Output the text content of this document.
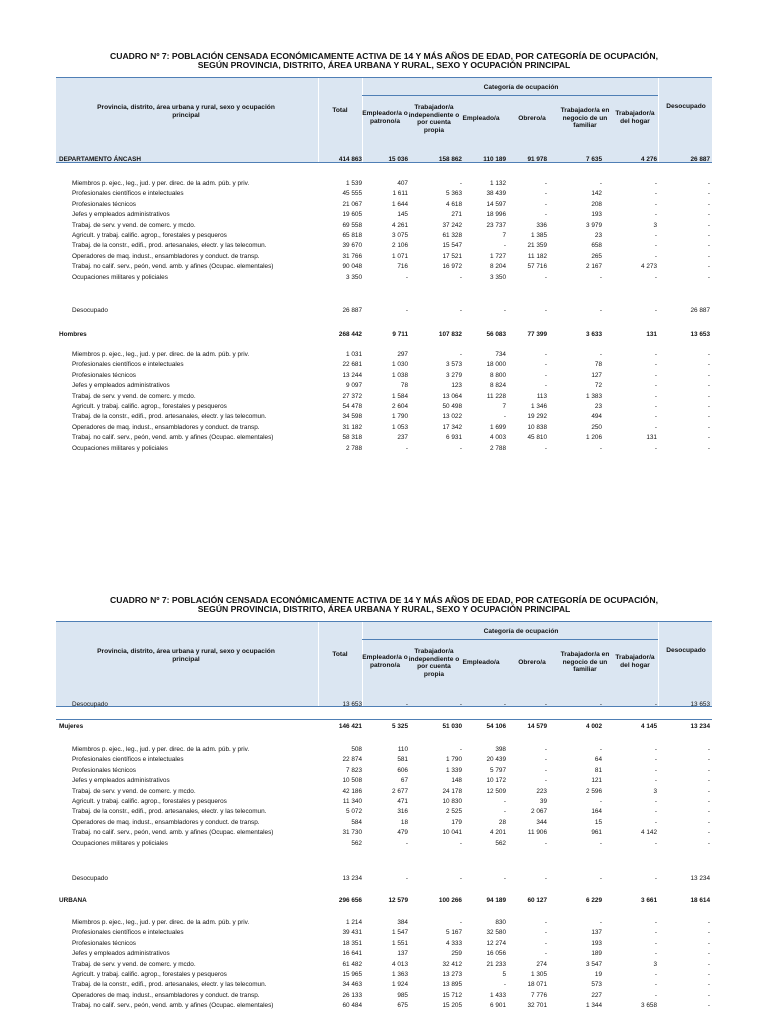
CUADRO Nº 7: POBLACIÓN CENSADA ECONÓMICAMENTE ACTIVA DE 14 Y MÁS AÑOS DE EDAD, POR CATEGORÍA DE OCUPACIÓN,
SEGÚN PROVINCIA, DISTRITO, ÁREA URBANA Y RURAL, SEXO Y OCUPACIÓN PRINCIPAL
Provincia, distrito, área urbana y rural, sexo y ocupación principal
Total
Categoría de ocupación
Empleador/a o patrono/a
Trabajador/a independiente o por cuenta propia
Empleado/a	Obrero/a
Trabajador/a en negocio de un familiar
Trabajador/a del hogar
Desocupado
DEPARTAMENTO ÁNCASH	414 863	15 036	158 862	110 189	91 978	7 635	4 276	26 887
Miembros p. ejec., leg., jud. y per. direc. de la adm. púb. y priv.	1 539	407	-	1 132	-	-	-	-
Profesionales científicos e intelectuales	45 555	1 611	5 363	38 439	-	142	-	-
Profesionales técnicos	21 067	1 644	4 618	14 597	-	208	-	-
Jefes y empleados administrativos	19 605	145	271	18 996	-	193	-	-
Trabaj. de serv. y vend. de comerc. y mcdo.	69 558	4 261	37 242	23 737	336	3 979	3	-
Agricult. y trabaj. calific. agrop., forestales y pesqueros	65 818	3 075	61 328	7	1 385	23	-	-
Trabaj. de la constr., edifi., prod. artesanales, electr. y las telecomun.	39 670	2 106	15 547	-	21 359	658	-	-
Operadores de maq. indust., ensambladores y conduct. de transp.	31 766	1 071	17 521	1 727	11 182	265	-	-
Trabaj. no calif. serv., peón, vend. amb. y afines (Ocupac. elementales)	90 048	716	16 972	8 204	57 716	2 167	4 273	-
Ocupaciones militares y policiales	3 350	-	-	3 350	-	-	-	-
Desocupado	26 887	-	-	-	-	-	-	26 887
Hombres	268 442	9 711	107 832	56 083	77 399	3 633	131	13 653
Miembros p. ejec., leg., jud. y per. direc. de la adm. púb. y priv.	1 031	297	-	734	-	-	-	-
Profesionales científicos e intelectuales	22 681	1 030	3 573	18 000	-	78	-	-
Profesionales técnicos	13 244	1 038	3 279	8 800	-	127	-	-
Jefes y empleados administrativos	9 097	78	123	8 824	-	72	-	-
Trabaj. de serv. y vend. de comerc. y mcdo.	27 372	1 584	13 064	11 228	113	1 383	-	-
Agricult. y trabaj. calific. agrop., forestales y pesqueros	54 478	2 604	50 498	7	1 346	23	-	-
Trabaj. de la constr., edifi., prod. artesanales, electr. y las telecomun.	34 598	1 790	13 022	-	19 292	494	-	-
Operadores de maq. indust., ensambladores y conduct. de transp.	31 182	1 053	17 342	1 699	10 838	250	-	-
Trabaj. no calif. serv., peón, vend. amb. y afines (Ocupac. elementales)	58 318	237	6 931	4 003	45 810	1 206	131	-
Ocupaciones militares y policiales	2 788	-	-	2 788	-	-	-	-
CUADRO Nº 7: POBLACIÓN CENSADA ECONÓMICAMENTE ACTIVA DE 14 Y MÁS AÑOS DE EDAD, POR CATEGORÍA DE OCUPACIÓN,
SEGÚN PROVINCIA, DISTRITO, ÁREA URBANA Y RURAL, SEXO Y OCUPACIÓN PRINCIPAL
Provincia, distrito, área urbana y rural, sexo y ocupación principal
Total
Categoría de ocupación
Empleador/a o patrono/a
Trabajador/a independiente o por cuenta propia
Empleado/a	Obrero/a
Trabajador/a en negocio de un familiar
Trabajador/a del hogar
Desocupado
Desocupado	13 653	-	-	-	-	-	-	13 653
Mujeres	146 421	5 325	51 030	54 106	14 579	4 002	4 145	13 234
Miembros p. ejec., leg., jud. y per. direc. de la adm. púb. y priv.	508	110	-	398	-	-	-	-
Profesionales científicos e intelectuales	22 874	581	1 790	20 439	-	64	-	-
Profesionales técnicos	7 823	606	1 339	5 797	-	81	-	-
Jefes y empleados administrativos	10 508	67	148	10 172	-	121	-	-
Trabaj. de serv. y vend. de comerc. y mcdo.	42 186	2 677	24 178	12 509	223	2 596	3	-
Agricult. y trabaj. calific. agrop., forestales y pesqueros	11 340	471	10 830	-	39	-	-	-
Trabaj. de la constr., edifi., prod. artesanales, electr. y las telecomun.	5 072	316	2 525	-	2 067	164	-	-
Operadores de maq. indust., ensambladores y conduct. de transp.	584	18	179	28	344	15	-	-
Trabaj. no calif. serv., peón, vend. amb. y afines (Ocupac. elementales)	31 730	479	10 041	4 201	11 906	961	4 142	-
Ocupaciones militares y policiales	562	-	-	562	-	-	-	-
Desocupado	13 234	-	-	-	-	-	-	13 234
URBANA	296 656	12 579	100 266	94 189	60 127	6 229	3 661	18 614
Miembros p. ejec., leg., jud. y per. direc. de la adm. púb. y priv.	1 214	384	-	830	-	-	-	-
Profesionales científicos e intelectuales	39 431	1 547	5 167	32 580	-	137	-	-
Profesionales técnicos	18 351	1 551	4 333	12 274	-	193	-	-
Jefes y empleados administrativos	16 641	137	259	16 056	-	189	-	-
Trabaj. de serv. y vend. de comerc. y mcdo.	61 482	4 013	32 412	21 233	274	3 547	3	-
Agricult. y trabaj. calific. agrop., forestales y pesqueros	15 965	1 363	13 273	5	1 305	19	-	-
Trabaj. de la constr., edifi., prod. artesanales, electr. y las telecomun.	34 463	1 924	13 895	-	18 071	573	-	-
Operadores de maq. indust., ensambladores y conduct. de transp.	26 133	985	15 712	1 433	7 776	227	-	-
Trabaj. no calif. serv., peón, vend. amb. y afines (Ocupac. elementales)	60 484	675	15 205	6 901	32 701	1 344	3 658	-
